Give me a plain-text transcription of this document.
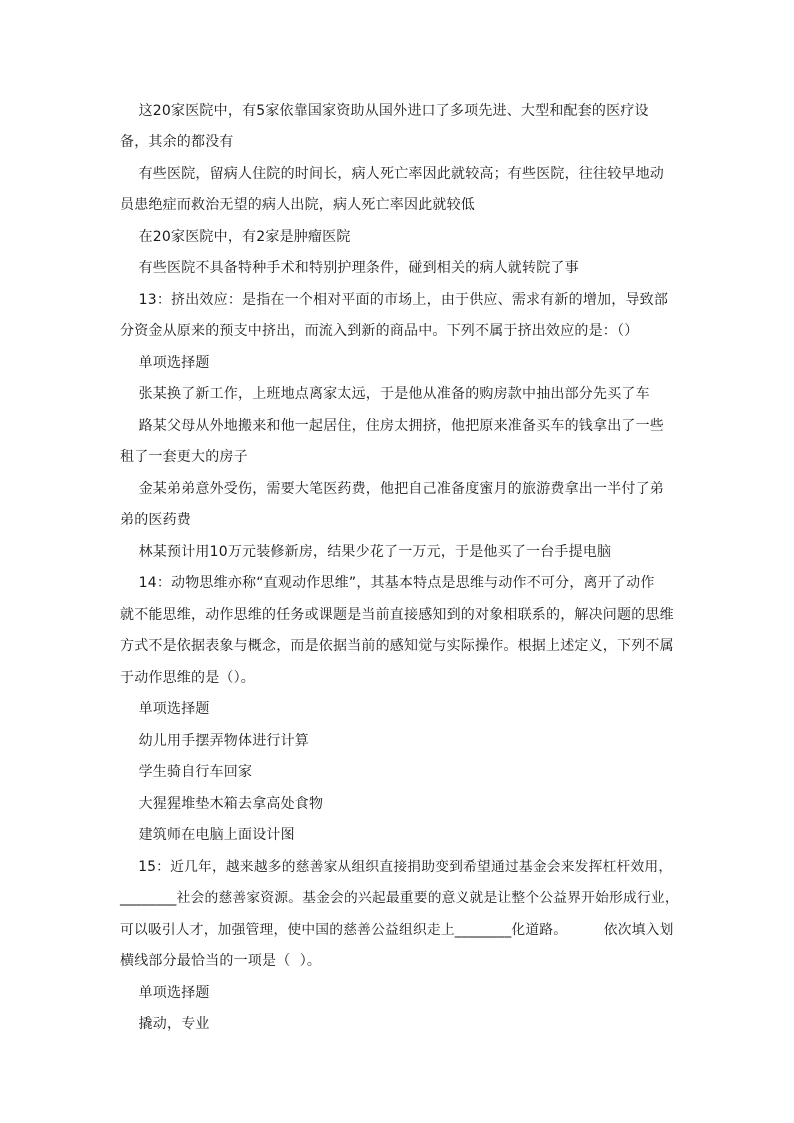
这20家医院中，有5家依靠国家资助从国外进口了多项先进、大型和配套的医疗设
备，其余的都没有
有些医院，留病人住院的时间长，病人死亡率因此就较高；有些医院，往往较早地动
员患绝症而救治无望的病人出院，病人死亡率因此就较低
在20家医院中，有2家是肿瘤医院
有些医院不具备特种手术和特别护理条件，碰到相关的病人就转院了事
13：挤出效应：是指在一个相对平面的市场上，由于供应、需求有新的增加，导致部
分资金从原来的预支中挤出，而流入到新的商品中。下列不属于挤出效应的是：（）
单项选择题
张某换了新工作，上班地点离家太远，于是他从准备的购房款中抽出部分先买了车
路某父母从外地搬来和他一起居住，住房太拥挤，他把原来准备买车的钱拿出了一些
租了一套更大的房子
金某弟弟意外受伤，需要大笔医药费，他把自己准备度蜜月的旅游费拿出一半付了弟
弟的医药费
林某预计用10万元装修新房，结果少花了一万元，于是他买了一台手提电脑
14：动物思维亦称“直观动作思维”，其基本特点是思维与动作不可分，离开了动作
就不能思维，动作思维的任务或课题是当前直接感知到的对象相联系的，解决问题的思维
方式不是依据表象与概念，而是依据当前的感知觉与实际操作。根据上述定义，下列不属
于动作思维的是（）。
单项选择题
幼儿用手摆弄物体进行计算
学生骑自行车回家
大猩猩堆垫木箱去拿高处食物
建筑师在电脑上面设计图
15：近几年，越来越多的慈善家从组织直接捐助变到希望通过基金会来发挥杠杆效用，
________社会的慈善家资源。基金会的兴起最重要的意义就是让整个公益界开始形成行业，
可以吸引人才，加强管理，使中国的慈善公益组织走上________化道路。        依次填入划
横线部分最恰当的一项是（  ）。
单项选择题
撬动，专业
